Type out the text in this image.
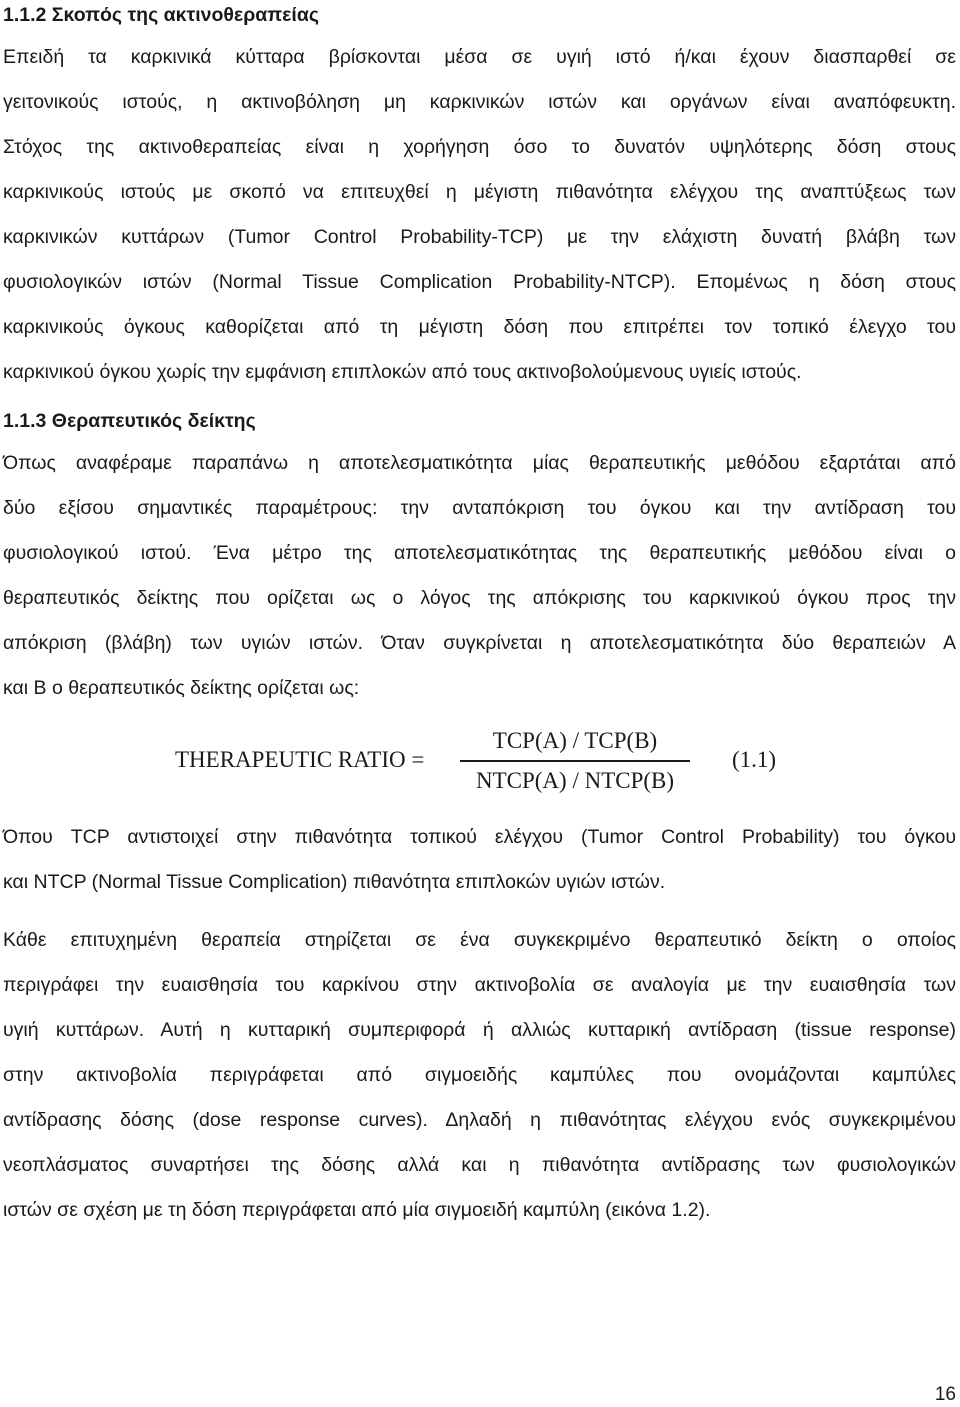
1.1.2 Σκοπός της ακτινοθεραπείας
Επειδή τα καρκινικά κύτταρα βρίσκονται μέσα σε υγιή ιστό ή/και έχουν διασπαρθεί σε
γειτονικούς ιστούς, η ακτινοβόληση μη καρκινικών ιστών και οργάνων είναι αναπόφευκτη.
Στόχος της ακτινοθεραπείας είναι η χορήγηση όσο το δυνατόν υψηλότερης δόση στους
καρκινικούς ιστούς με σκοπό να επιτευχθεί η μέγιστη πιθανότητα ελέγχου της αναπτύξεως των
καρκινικών κυττάρων (Tumor Control Probability-TCP) με την ελάχιστη δυνατή βλάβη των
φυσιολογικών ιστών (Normal Tissue Complication Probability-NTCP). Επομένως η δόση στους
καρκινικούς όγκους καθορίζεται από τη μέγιστη δόση που επιτρέπει τον τοπικό έλεγχο του
καρκινικού όγκου χωρίς την εμφάνιση επιπλοκών από τους ακτινοβολούμενους υγιείς ιστούς.
1.1.3 Θεραπευτικός δείκτης
Όπως αναφέραμε παραπάνω η αποτελεσματικότητα μίας θεραπευτικής μεθόδου εξαρτάται από
δύο εξίσου σημαντικές παραμέτρους: την ανταπόκριση του όγκου και την αντίδραση του
φυσιολογικού ιστού. Ένα μέτρο της αποτελεσματικότητας της θεραπευτικής μεθόδου είναι ο
θεραπευτικός δείκτης που ορίζεται ως ο λόγος της απόκρισης του καρκινικού όγκου προς την
απόκριση (βλάβη) των υγιών ιστών. Όταν συγκρίνεται η αποτελεσματικότητα δύο θεραπειών Α
και Β ο θεραπευτικός δείκτης ορίζεται ως:
THERAPEUTIC RATIO =
TCP(A) / TCP(B)
NTCP(A) / NTCP(B)
(1.1)
Όπου TCP αντιστοιχεί στην πιθανότητα τοπικού ελέγχου (Tumor Control Probability) του όγκου
και NTCP (Normal Tissue Complication) πιθανότητα επιπλοκών υγιών ιστών.
Κάθε επιτυχημένη θεραπεία στηρίζεται σε ένα συγκεκριμένο θεραπευτικό δείκτη ο οποίος
περιγράφει την ευαισθησία του καρκίνου στην ακτινοβολία σε αναλογία με την ευαισθησία των
υγιή κυττάρων. Αυτή η κυτταρική συμπεριφορά ή αλλιώς κυτταρική αντίδραση (tissue response)
στην ακτινοβολία περιγράφεται από σιγμοειδής καμπύλες που ονομάζονται καμπύλες
αντίδρασης δόσης (dose response curves). Δηλαδή η πιθανότητας ελέγχου ενός συγκεκριμένου
νεοπλάσματος συναρτήσει της δόσης αλλά και η πιθανότητα αντίδρασης των φυσιολογικών
ιστών σε σχέση με τη δόση περιγράφεται από μία σιγμοειδή καμπύλη (εικόνα 1.2).
16
